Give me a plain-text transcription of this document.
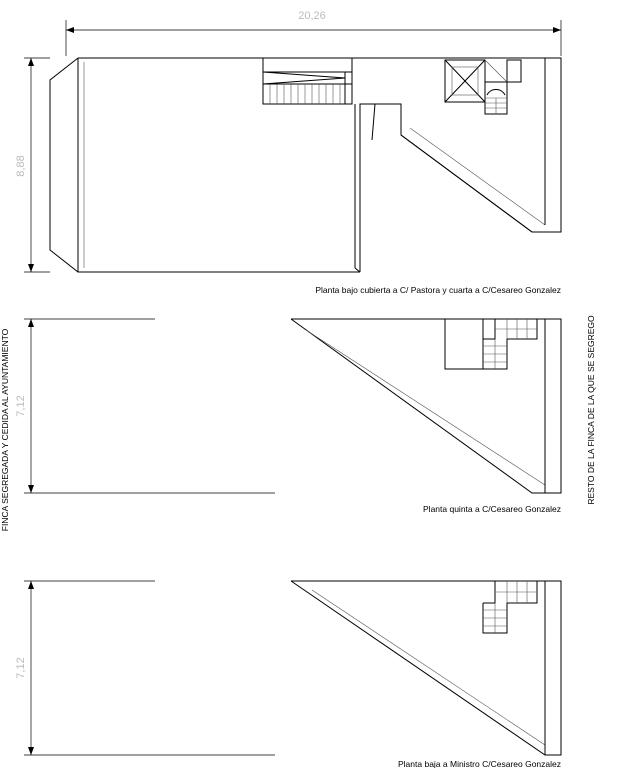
20,26
8,88
Planta bajo cubierta a C/ Pastora y cuarta a C/Cesareo Gonzalez
7,12
Planta quinta a C/Cesareo Gonzalez
7,12
Planta baja a Ministro C/Cesareo Gonzalez
RESTO DE LA FINCA DE LA QUE SE SEGREGO
FINCA SEGREGADA Y CEDIDA AL AYUNTAMIENTO
